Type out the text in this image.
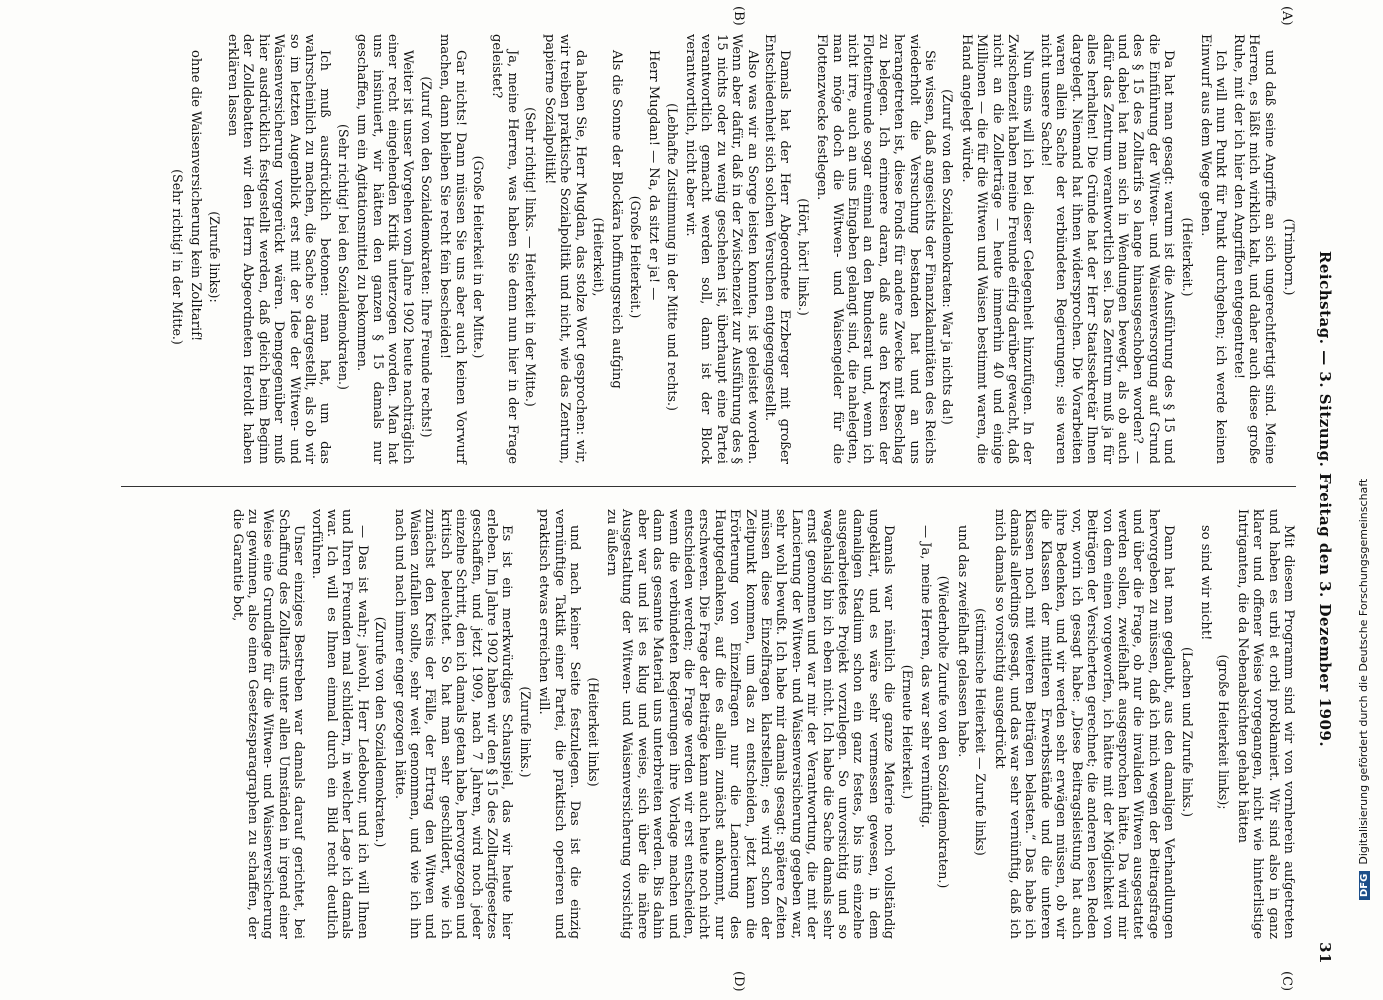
Reichstag. — 3. Sitzung. Freitag den 3. Dezember 1909.
31
(A)
(B)
(C)
(D)

(Trimborn.)

und daß seine Angriffe an sich ungerechtfertigt sind. Meine Herren, es läßt mich wirklich kalt, und daher auch diese große Ruhe, mit der ich hier den Angriffen entgegentrete!

Ich will nun Punkt für Punkt durchgehen; ich werde keinen Einwurf aus dem Wege gehen.

(Heiterkeit.)

Da hat man gesagt: warum ist die Ausführung des § 15 und die Einführung der Witwen- und Waisenversorgung auf Grund des § 15 des Zolltarifs so lange hinausgeschoben worden? — und dabei hat man sich in Wendungen bewegt, als ob auch dafür das Zentrum verantwortlich sei. Das Zentrum muß ja für alles herhalten! Die Gründe hat der Herr Staatssekretär Ihnen dargelegt. Niemand hat ihnen widersprochen. Die Vorarbeiten waren allein Sache der verbündeten Regierungen; sie waren nicht unsere Sache!

Nun eins will ich bei dieser Gelegenheit hinzufügen. In der Zwischenzeit haben meine Freunde eifrig darüber gewacht, daß nicht an die Zollerträge — heute immerhin 40 und einige Millionen — die für die Witwen und Waisen bestimmt waren, die Hand angelegt würde.

(Zuruf von den Sozialdemokraten: War ja nichts da!)

Sie wissen, daß angesichts der Finanzkalamitäten des Reichs wiederholt die Versuchung bestanden hat und an uns herangetreten ist, diese Fonds für andere Zwecke mit Beschlag zu belegen. Ich erinnere daran, daß aus den Kreisen der Flottenfreunde sogar einmal an den Bundesrat und, wenn ich nicht irre, auch an uns Eingaben gelangt sind, die nahelegten, man möge doch die Witwen- und Waisengelder für die Flottenzwecke festlegen.

(Hört, hört! links.)

Damals hat der Herr Abgeordnete Erzberger mit großer Entschiedenheit sich solchen Versuchen entgegengestellt.

Also was wir an Sorge leisten konnten, ist geleistet worden. Wenn aber dafür, daß in der Zwischenzeit zur Ausführung des § 15 nichts oder zu wenig geschehen ist, überhaupt eine Partei verantwortlich gemacht werden soll, dann ist der Block verantwortlich, nicht aber wir.

(Lebhafte Zustimmung in der Mitte und rechts.)

Herr Mugdan! — Na, da sitzt er ja! —

(Große Heiterkeit.)

Als die Sonne der Blockära hoffnungsreich aufging

(Heiterkeit),

da haben Sie, Herr Mugdan, das stolze Wort gesprochen: wir, wir treiben praktische Sozialpolitik und nicht, wie das Zentrum, papierne Sozialpolitik!

(Sehr richtig! links. — Heiterkeit in der Mitte.)

Ja, meine Herren, was haben Sie denn nun hier in der Frage geleistet?

(Große Heiterkeit in der Mitte.)

Gar nichts! Dann müssen Sie uns aber auch keinen Vorwurf machen, dann bleiben Sie recht fein bescheiden!

(Zuruf von den Sozialdemokraten: Ihre Freunde rechts!)

Weiter ist unser Vorgehen vom Jahre 1902 heute nachträglich einer recht eingehenden Kritik unterzogen worden. Man hat uns insinuiert, wir hätten den ganzen § 15 damals nur geschaffen, um ein Agitationsmittel zu bekommen.

(Sehr richtig! bei den Sozialdemokraten.)

Ich muß ausdrücklich betonen: man hat, um das wahrscheinlich zu machen, die Sache so dargestellt, als ob wir so im letzten Augenblick erst mit der Idee der Witwen- und Waisenversicherung vorgerückt wären. Demgegenüber muß hier ausdrücklich festgestellt werden, daß gleich beim Beginn der Zolldebatten wir den Herrn Abgeordneten Heroldt haben erklären lassen

(Zurufe links):

ohne die Waisenversicherung kein Zolltarif!

(Sehr richtig! in der Mitte.)

Mit diesem Programm sind wir von vornherein aufgetreten und haben es urbi et orbi proklamiert. Wir sind also in ganz klarer und offener Weise vorgegangen, nicht wie hinterlistige Intriganten, die da Nebenabsichten gehabt hätten

(große Heiterkeit links);

so sind wir nicht!

(Lachen und Zurufe links.)

Dann hat man geglaubt, aus den damaligen Verhandlungen hervorgeben zu müssen, daß ich mich wegen der Beitragsfrage und über die Frage, ob nur die invaliden Witwen ausgestattet werden sollen, zweifelhaft ausgesprochen hätte. Da wird mir von dem einen vorgeworfen, ich hätte mit der Möglichkeit von Beiträgen der Versicherten gerechnet; die anderen lesen Reden vor, worin ich gesagt habe: „Diese Beitragsleistung hat auch ihre Bedenken, und wir werden sehr erwägen müssen, ob wir die Klassen der mittleren Erwerbsstände und die unteren Klassen noch mit weiteren Beiträgen belasten.“ Das habe ich damals allerdings gesagt, und das war sehr vernünftig, daß ich mich damals so vorsichtig ausgedrückt

(stürmische Heiterkeit — Zurufe links)

und das zweifelhaft gelassen habe.

(Wiederholte Zurufe von den Sozialdemokraten.)

— Ja, meine Herren, das war sehr vernünftig.

(Erneute Heiterkeit.)

Damals war nämlich die ganze Materie noch vollständig ungeklärt, und es wäre sehr vermessen gewesen, in dem damaligen Stadium schon ein ganz festes, bis ins einzelne ausgearbeitetes Projekt vorzulegen. So unvorsichtig und so wagehalsig bin ich eben nicht. Ich habe die Sache damals sehr ernst genommen und war mir der Verantwortung, die mit der Lancierung der Witwen- und Waisenversicherung gegeben war, sehr wohl bewußt. Ich habe mir damals gesagt: spätere Zeiten müssen diese Einzelfragen klarstellen; es wird schon der Zeitpunkt kommen, um das zu entscheiden, jetzt kann die Erörterung von Einzelfragen nur die Lancierung des Hauptgedankens, auf die es allein zunächst ankommt, nur erschweren. Die Frage der Beiträge kann auch heute noch nicht entschieden werden; die Frage werden wir erst entscheiden, wenn die verbündeten Regierungen ihre Vorlage machen und dann das gesamte Material uns unterbreiten werden. Bis dahin aber war und ist es klug und weise, sich über die nähere Ausgestaltung der Witwen- und Waisenversicherung vorsichtig zu äußern

(Heiterkeit links)

und nach keiner Seite festzulegen. Das ist die einzig vernünftige Taktik einer Partei, die praktisch operieren und praktisch etwas erreichen will.

(Zurufe links.)

Es ist ein merkwürdiges Schauspiel, das wir heute hier erleben. Im Jahre 1902 haben wir den § 15 des Zolltarifgesetzes geschaffen, und jetzt 1909, nach 7 Jahren, wird noch jeder einzelne Schritt, den ich damals getan habe, hervorgezogen und kritisch beleuchtet. So hat man sehr geschildert, wie ich zunächst den Kreis der Fälle, der Ertrag den Witwen und Waisen zufallen sollte, sehr weit genommen, und wie ich ihn nach und nach immer enger gezogen hätte.

(Zurufe von den Sozialdemokraten.)

— Das ist wahr; jawohl, Herr Ledebour, und ich will Ihnen und Ihren Freunden mal schildern, in welcher Lage ich damals war. Ich will es Ihnen einmal durch ein Bild recht deutlich vorführen.

Unser einziges Bestreben war damals darauf gerichtet, bei Schaffung des Zolltarifs unter allen Umständen in irgend einer Weise eine Grundlage für die Witwen- und Waisenversicherung zu gewinnen, also einen Gesetzesparagraphen zu schaffen, der die Garantie bot,

DFGDigitalisierung gefördert durch die Deutsche Forschungsgemeinschaft
